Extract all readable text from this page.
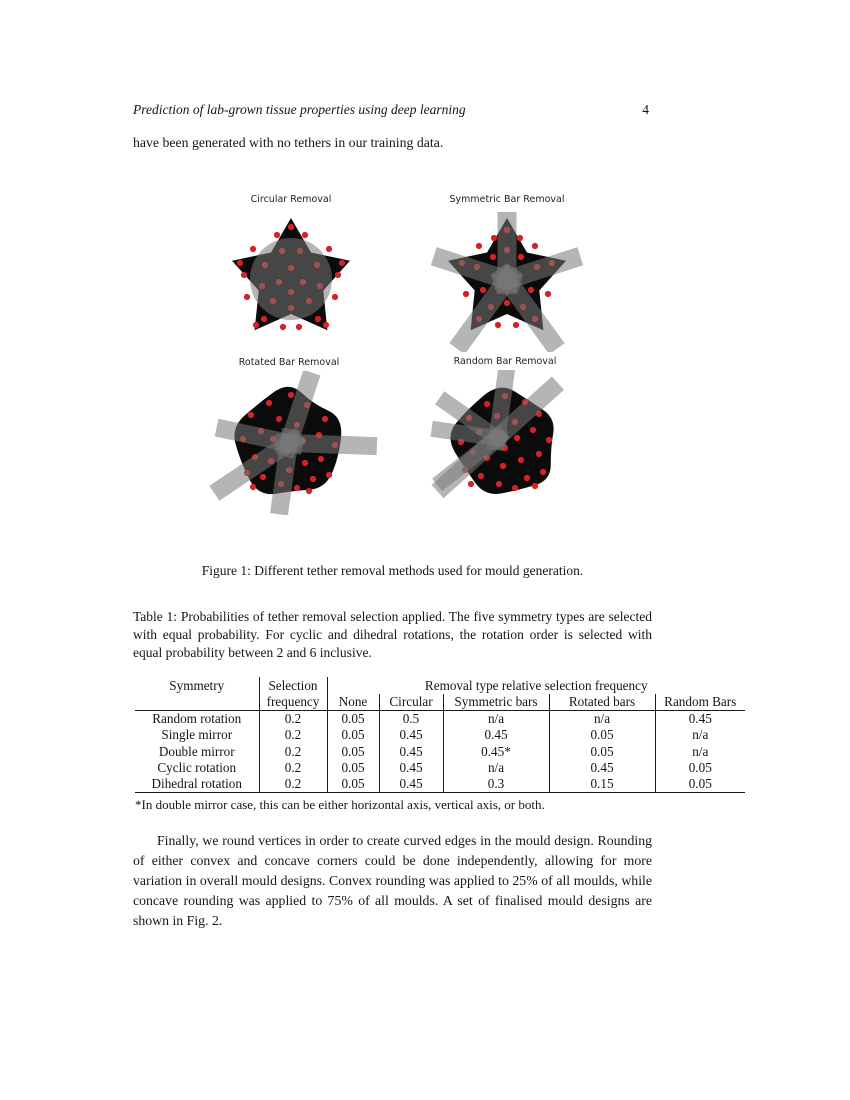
Prediction of lab-grown tissue properties using deep learning	4
have been generated with no tethers in our training data.
Circular Removal	Symmetric Bar Removal
Rotated Bar Removal	Random Bar Removal
Figure 1: Different tether removal methods used for mould generation.
Table 1: Probabilities of tether removal selection applied. The five symmetry types are selected with equal probability. For cyclic and dihedral rotations, the rotation order is selected with equal probability between 2 and 6 inclusive.
Symmetry	Selection	Removal type relative selection frequency				
	frequency	None	Circular	Symmetric bars	Rotated bars	Random Bars
Random rotation	0.2	0.05	0.5	n/a	n/a	0.45
Single mirror	0.2	0.05	0.45	0.45	0.05	n/a
Double mirror	0.2	0.05	0.45	0.45*	0.05	n/a
Cyclic rotation	0.2	0.05	0.45	n/a	0.45	0.05
Dihedral rotation	0.2	0.05	0.45	0.3	0.15	0.05
*In double mirror case, this can be either horizontal axis, vertical axis, or both.
Finally, we round vertices in order to create curved edges in the mould design. Rounding of either convex and concave corners could be done independently, allowing for more variation in overall mould designs. Convex rounding was applied to 25% of all moulds, while concave rounding was applied to 75% of all moulds. A set of finalised mould designs are shown in Fig. 2.
